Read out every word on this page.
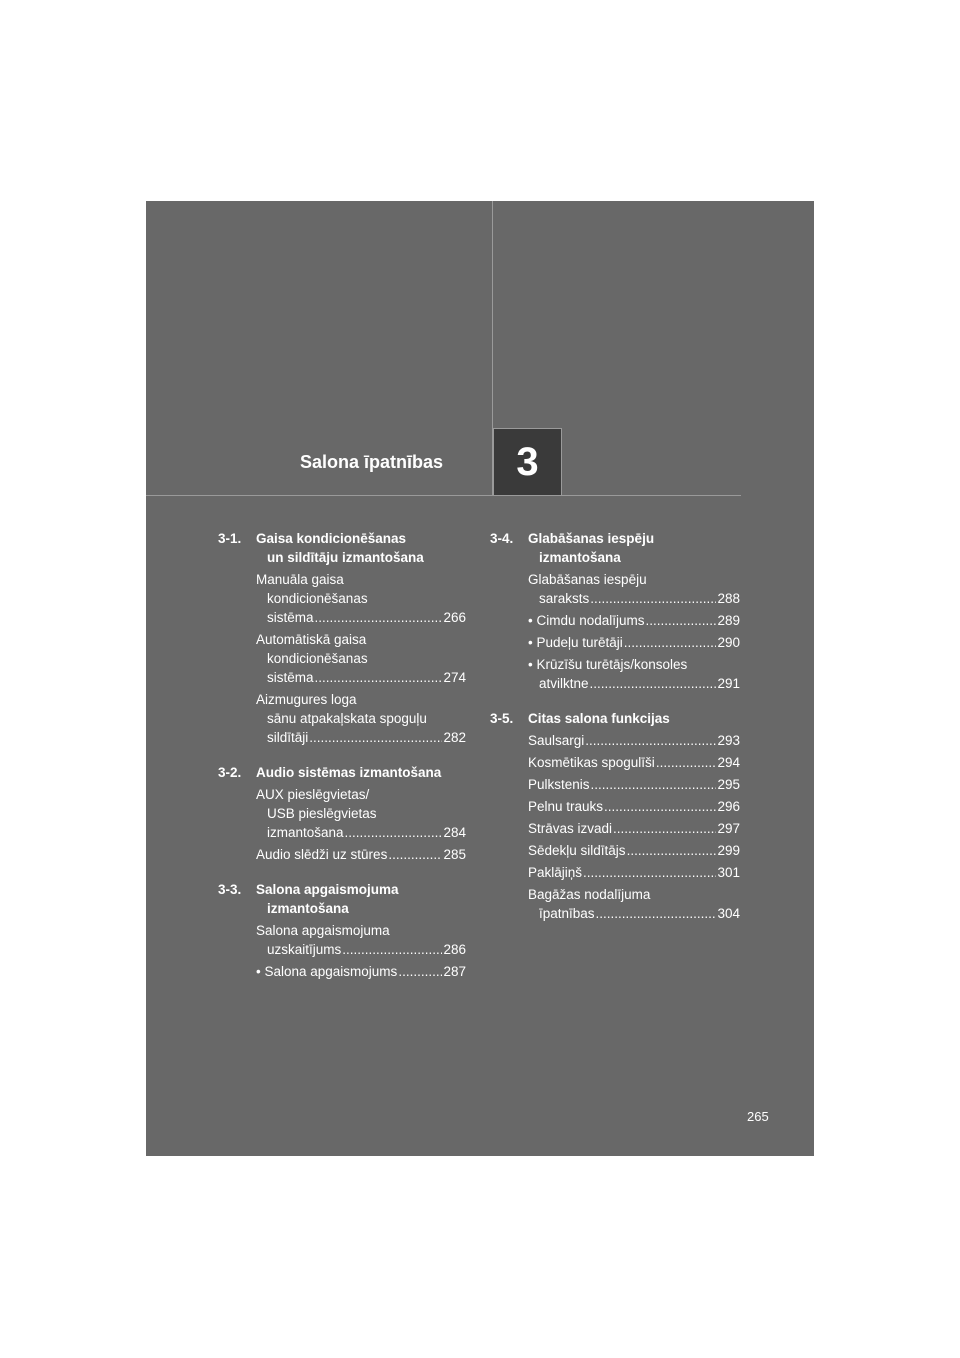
Salona īpatnības	3
3-1. Gaisa kondicionēšanas
un sildītāju izmantošana
Manuāla gaisa
kondicionēšanas
sistēma .....	266
Automātiskā gaisa
kondicionēšanas
sistēma .....	274
Aizmugures loga
sānu atpakaļskata spoguļu
sildītāji .....	282
3-2. Audio sistēmas izmantošana
AUX pieslēgvietas/
USB pieslēgvietas
izmantošana .....	284
Audio slēdži uz stūres .....	285
3-3. Salona apgaismojuma
izmantošana
Salona apgaismojuma
uzskaitījums .....	286
• Salona apgaismojums .....	287
3-4. Glabāšanas iespēju
izmantošana
Glabāšanas iespēju
saraksts .....	288
• Cimdu nodalījums .....	289
• Pudeļu turētāji .....	290
• Krūzīšu turētājs/konsoles
atvilktne .....	291
3-5. Citas salona funkcijas
Saulsargi .....	293
Kosmētikas spogulīši .....	294
Pulkstenis .....	295
Pelnu trauks .....	296
Strāvas izvadi .....	297
Sēdekļu sildītājs .....	299
Paklājiņš .....	301
Bagāžas nodalījuma
īpatnības .....	304
265
